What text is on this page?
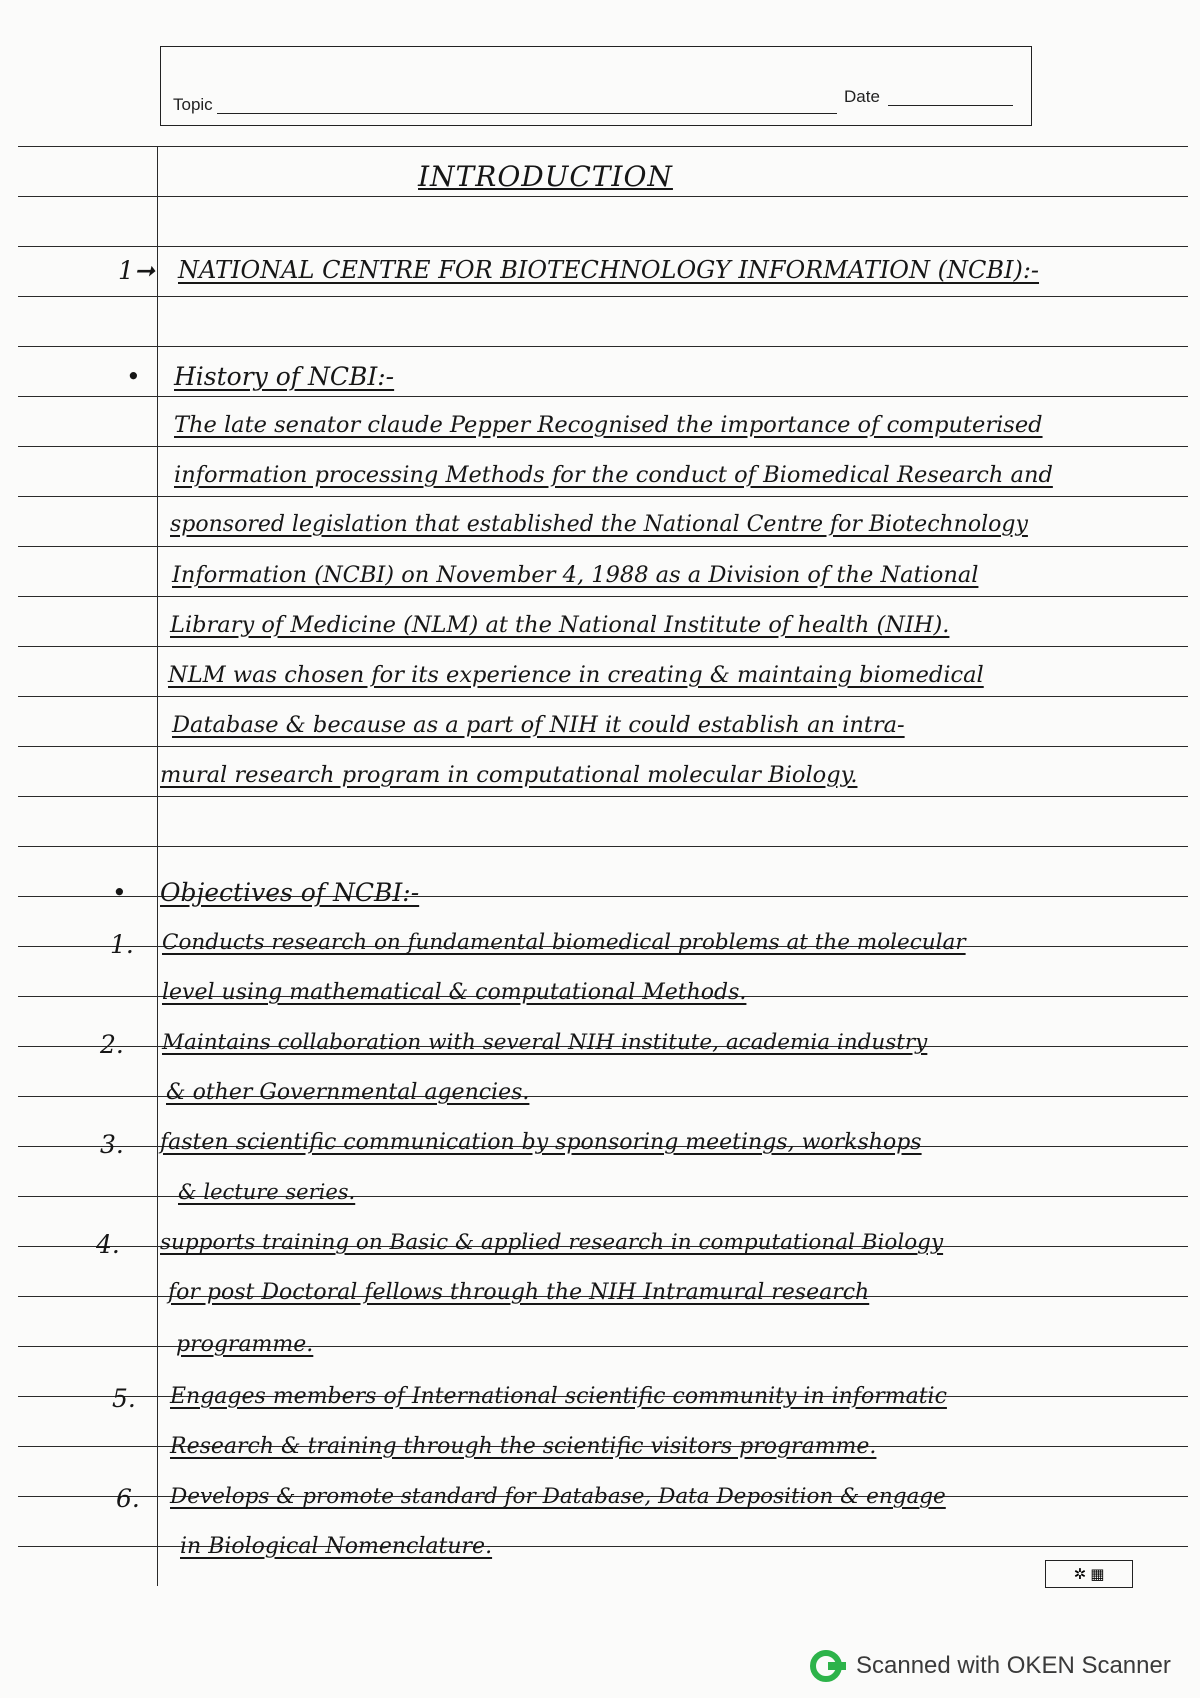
Topic	Date
INTRODUCTION
1➞ NATIONAL CENTRE FOR BIOTECHNOLOGY INFORMATION (NCBI):-
• History of NCBI:-
The late senator claude Pepper Recognised the importance of computerised
information processing Methods for the conduct of Biomedical Research and
sponsored legislation that established the National Centre for Biotechnology
Information (NCBI) on November 4, 1988 as a Division of the National
Library of Medicine (NLM) at the National Institute of health (NIH).
NLM was chosen for its experience in creating & maintaing biomedical
Database & because as a part of NIH it could establish an intra-
mural research program in computational molecular Biology.
• Objectives of NCBI:-
1. Conducts research on fundamental biomedical problems at the molecular
level using mathematical & computational Methods.
2. Maintains collaboration with several NIH institute, academia industry
& other Governmental agencies.
3. fasten scientific communication by sponsoring meetings, workshops
& lecture series.
4. supports training on Basic & applied research in computational Biology
for post Doctoral fellows through the NIH Intramural research
programme.
5. Engages members of International scientific community in informatic
Research & training through the scientific visitors programme.
6. Develops & promote standard for Database, Data Deposition & engage
in Biological Nomenclature.
✲ ▦
Scanned with OKEN Scanner
